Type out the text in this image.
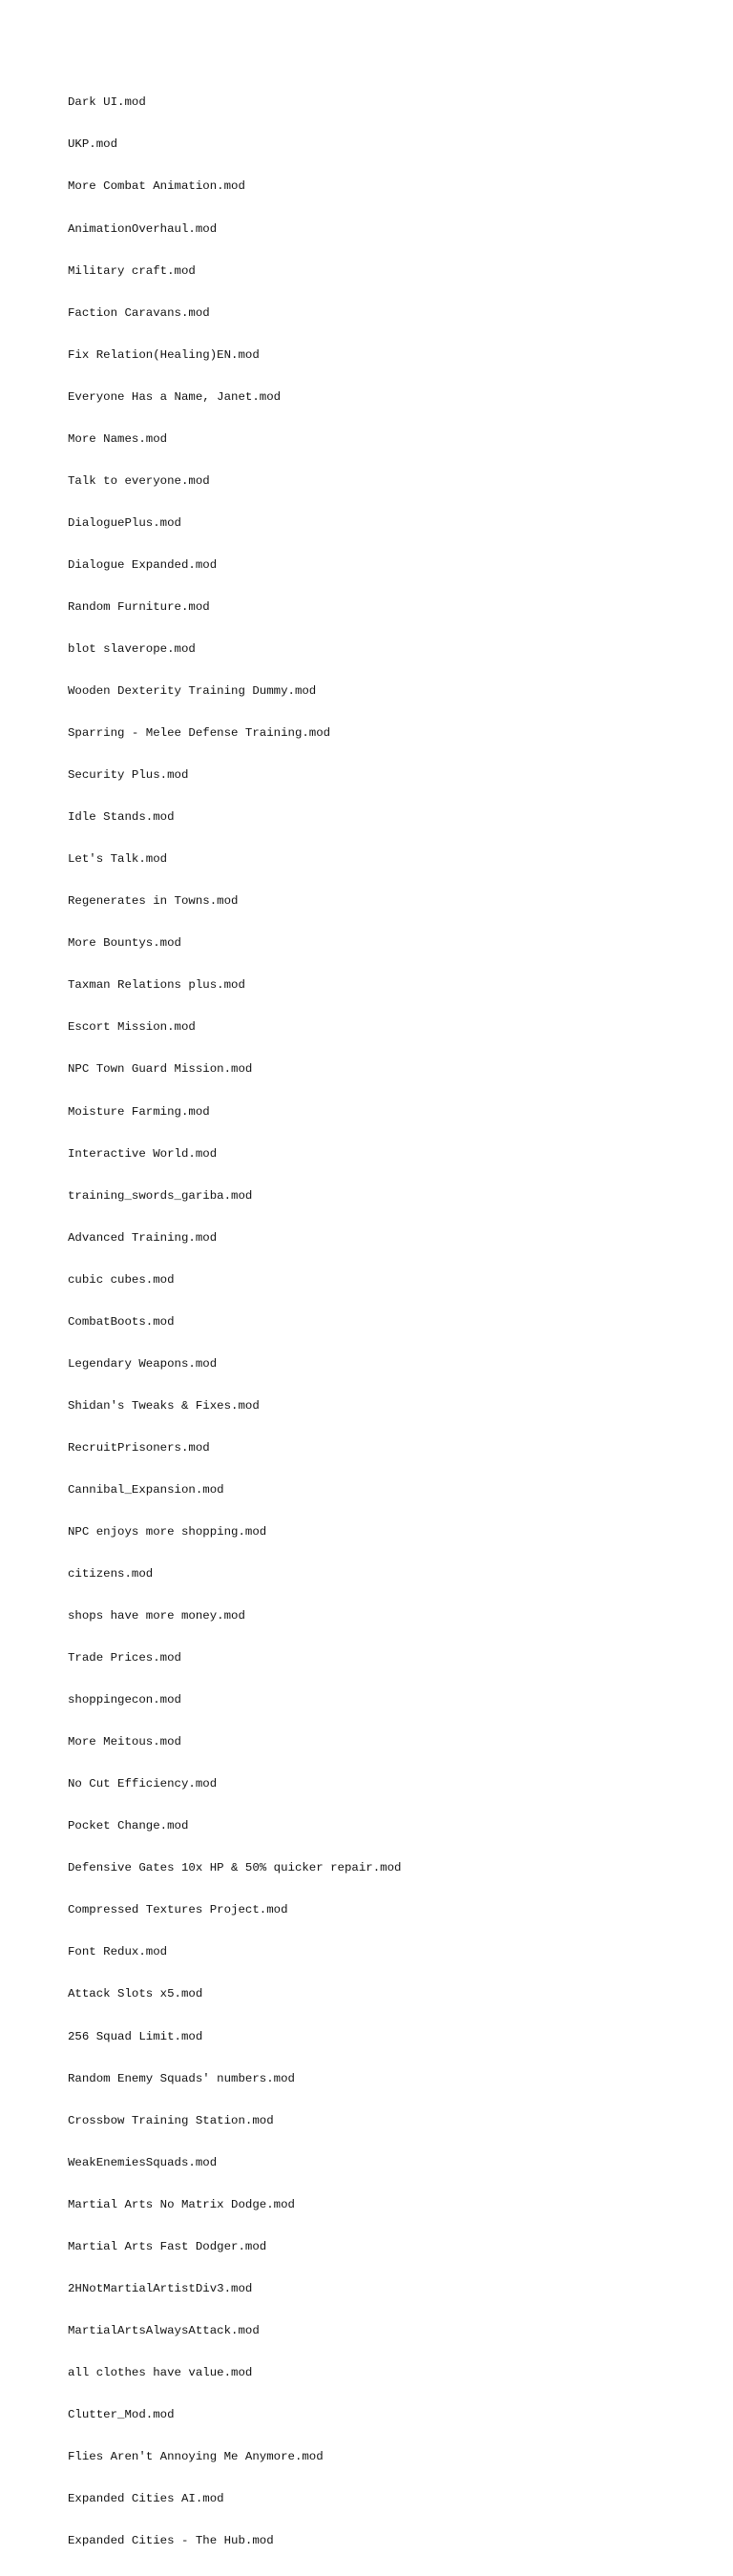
Dark UI.mod

UKP.mod

More Combat Animation.mod

AnimationOverhaul.mod

Military craft.mod

Faction Caravans.mod

Fix Relation(Healing)EN.mod

Everyone Has a Name, Janet.mod

More Names.mod

Talk to everyone.mod

DialoguePlus.mod

Dialogue Expanded.mod

Random Furniture.mod

blot slaverope.mod

Wooden Dexterity Training Dummy.mod

Sparring - Melee Defense Training.mod

Security Plus.mod

Idle Stands.mod

Let's Talk.mod

Regenerates in Towns.mod

More Bountys.mod

Taxman Relations plus.mod

Escort Mission.mod

NPC Town Guard Mission.mod

Moisture Farming.mod

Interactive World.mod

training_swords_gariba.mod

Advanced Training.mod

cubic cubes.mod

CombatBoots.mod

Legendary Weapons.mod

Shidan's Tweaks & Fixes.mod

RecruitPrisoners.mod

Cannibal_Expansion.mod

NPC enjoys more shopping.mod

citizens.mod

shops have more money.mod

Trade Prices.mod

shoppingecon.mod

More Meitous.mod

No Cut Efficiency.mod

Pocket Change.mod

Defensive Gates 10x HP & 50% quicker repair.mod

Compressed Textures Project.mod

Font Redux.mod

Attack Slots x5.mod

256 Squad Limit.mod

Random Enemy Squads' numbers.mod

Crossbow Training Station.mod

WeakEnemiesSquads.mod

Martial Arts No Matrix Dodge.mod

Martial Arts Fast Dodger.mod

2HNotMartialArtistDiv3.mod

MartialArtsAlwaysAttack.mod

all clothes have value.mod

Clutter_Mod.mod

Flies Aren't Annoying Me Anymore.mod

Expanded Cities AI.mod

Expanded Cities - The Hub.mod
